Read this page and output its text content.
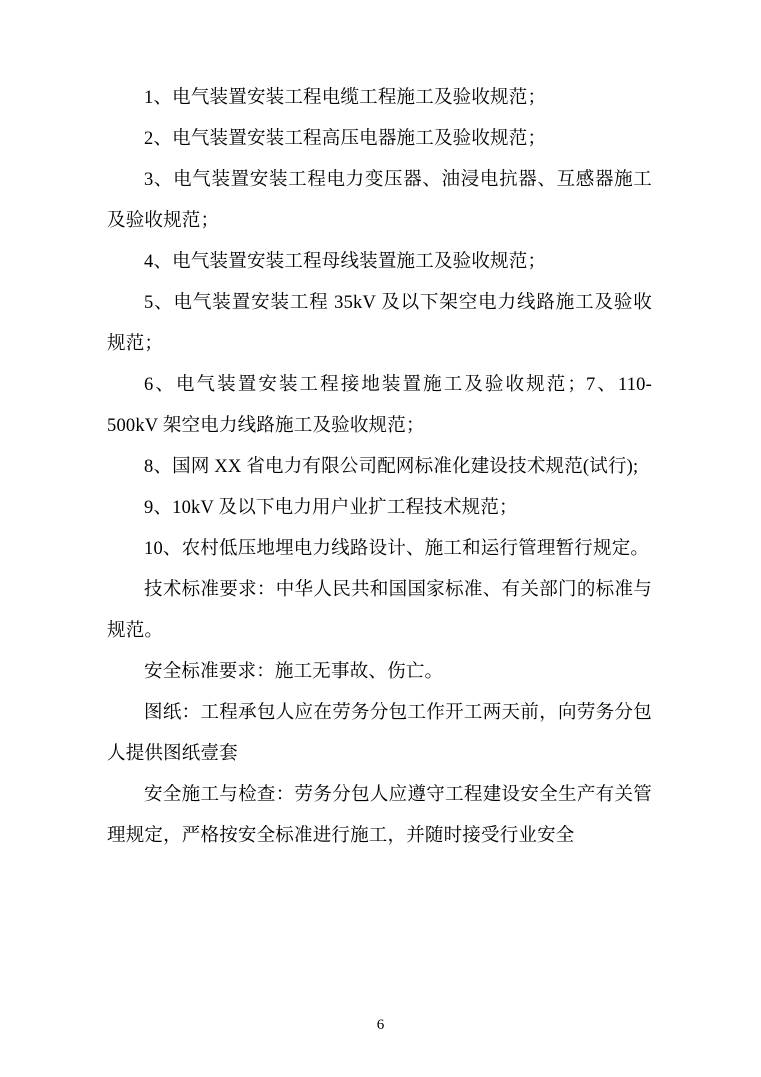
1、电气装置安装工程电缆工程施工及验收规范；

2、电气装置安装工程高压电器施工及验收规范；

3、电气装置安装工程电力变压器、油浸电抗器、互感器施工及验收规范；

4、电气装置安装工程母线装置施工及验收规范；

5、电气装置安装工程 35kV 及以下架空电力线路施工及验收规范；

6、电气装置安装工程接地装置施工及验收规范；7、110-500kV 架空电力线路施工及验收规范；

8、国网 XX 省电力有限公司配网标准化建设技术规范(试行);

9、10kV 及以下电力用户业扩工程技术规范；

10、农村低压地埋电力线路设计、施工和运行管理暂行规定。

技术标准要求：中华人民共和国国家标准、有关部门的标准与规范。

安全标准要求：施工无事故、伤亡。

图纸：工程承包人应在劳务分包工作开工两天前，向劳务分包人提供图纸壹套

安全施工与检查：劳务分包人应遵守工程建设安全生产有关管理规定，严格按安全标准进行施工，并随时接受行业安全

6
